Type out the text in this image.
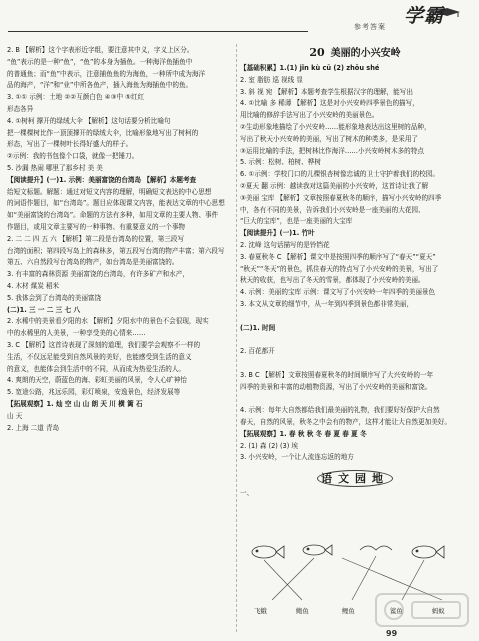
参考答案 学霸
2. B 【解析】这个字表形近字组，要注意其中义，字义上区分。
“鱼”表示的是一种“鱼”，“鱼”的本身为插鱼。一种海洋鱼插鱼中
的普通鱼；而“鱼”中表示，注意捕鱼鱼的为海鱼，一种所中成为海洋
品的海产，“洋”和“业”中所各鱼产，插入海鱼为海插鱼中的鱼。
3. ①① 示例：土地 ②②互颜白色 ④③中 ⑤红红
形态各异
4. ①树柯 撑开的绿绒大伞 【解析】这句话要分析比喻句
把一棵棵树比作一顶顶撑开的绿绒大伞，比喻形象地写出了树柯的
形态，写出了一棵树叶长得好盛大的样子。
②示例：我的书包像个口袋，就像一把锤刀。
5. 沙漏 热闹 哪里了那乡村 美 美
【阅读提升】(一)1. 示例：美丽富饶的台湾岛 【解析】本题考查
给短文标题。解题：通过对短文内容的理解，明确短文表达的中心思想
的词语作题目，如“台湾岛”。题目应体现课文内容，能表达文章的中心思想
如“美丽富饶的台湾岛”。命题的方法有多种，如用文章的主要人物、事件
作题目，或用文章主要写的一种事物、有重要意义的一个事物
2. 二 二 四 五 六 【解析】第二段是台湾岛的位置，第三段写
台湾的面积；第四段写岛上的森林多，第五段写台湾的物产丰富；第六段写
第五、六自然段写台湾岛的物产，如台湾岛是美丽富饶的。
3. 有丰富的森林资源 美丽富饶的台湾岛，有许多矿产和水产，
4. 木材 煤炭 稻米
5. 我体会到了台湾岛的美丽富饶
(二)1. 三 一 二 三 七 八
2. 水稀中的美景看夕阳的水 【解析】夕阳水中的景色不会很现，现实
中的水稀里的人美景，一种享受美的心情来……
3. C 【解析】这首诗表现了深刻的道理，我们要学会观察不一样的
生活，不仅远足能受到自然风景的美好，也能感受到生活的意义
的意义，也能体会到生活中的不同，从而成为热爱生活的人。
4. 爽朗的天空，蔚蓝色的海、彩虹美丽的风景，令人心旷神怡
5. 宽途公路，兆远乐园，彩灯喷泉，安逸景色，经济发展等
【拓展观察】1. 灿 空 山 山 朗 天 川 横 篱 石
山 天
2. 上海 二道 青岛
20 美丽的小兴安岭
【基础积累】1.(1) jǐn kù cū (2) zhōu shé
2. 室 脂肪 巡 视线 显
3. 斜 视 宛 【解析】本题考查学生根据汉字的理解，能写出
4. ①比喻 多 稀薄 【解析】这是对小兴安岭四季景色的描写，
用比喻的修辞手法写出了小兴安岭的美丽景色。
②生动形象地描绘了小兴安岭……能形象地表达出这里树的品种，
写出了秋天小兴安岭的美丽，写出了树木的种类多，是采用了
③运用比喻的手法，把树林比作海洋……小兴安岭树木多的特点
5. 示例：松树、柏树、桦树
6. ①示例：学校门口的儿棵银杏树像忠诚的卫士守护着我们的校园。
②夏天 翻 示例：越读我对这篇美丽的小兴安岭，这首诗让我了解
③美丽 宝库 【解析】文章按照春夏秋冬的顺序，描写小兴安岭的四季
中，各有不同的美景，告诉我们小兴安岭是一座美丽的大花园、
“巨大的宝库”，也是一座美丽的大宝库
【阅读提升】(一)1. 竹叶
2. 沈峰 这句话描写的是铃铛花
3. 春夏秋冬 C 【解析】课文中是按照四季的顺序写了“春天”“夏天”
“秋天”“冬天”的景色，抓住春天的特点写了小兴安岭的美景，写出了
秋天的收获，也写出了冬天的雪景，都体现了小兴安岭的美丽。
4. 示例：美丽的宝库 示例：课文写了小兴安岭一年四季的美丽景色
3. 本文从文章的细节中，从一年到四季到景色都非常美丽，
(二)1. 时间
2. 百花都开
3. B C 【解析】文章按照春夏秋冬的时间顺序写了大兴安岭的一年
四季的美景和丰富的动植物资源，写出了小兴安岭的美丽和富饶。
4. 示例：每年大自然都给我们最美丽的礼物，我们要好好保护大自然
春天，自然的风景，秋冬之中会有的物产，这样才能让大自然更加美好。
【拓展观察】1. 春 秋 秋 冬 春 夏 春 夏 冬
2. (1) 森 (2) (3) 埃
3. 小兴安岭，一个让人流连忘返的地方
语文园地
一、
飞蛾	鲍鱼	鲤鱼	鲨鱼	蚂蚁
99
